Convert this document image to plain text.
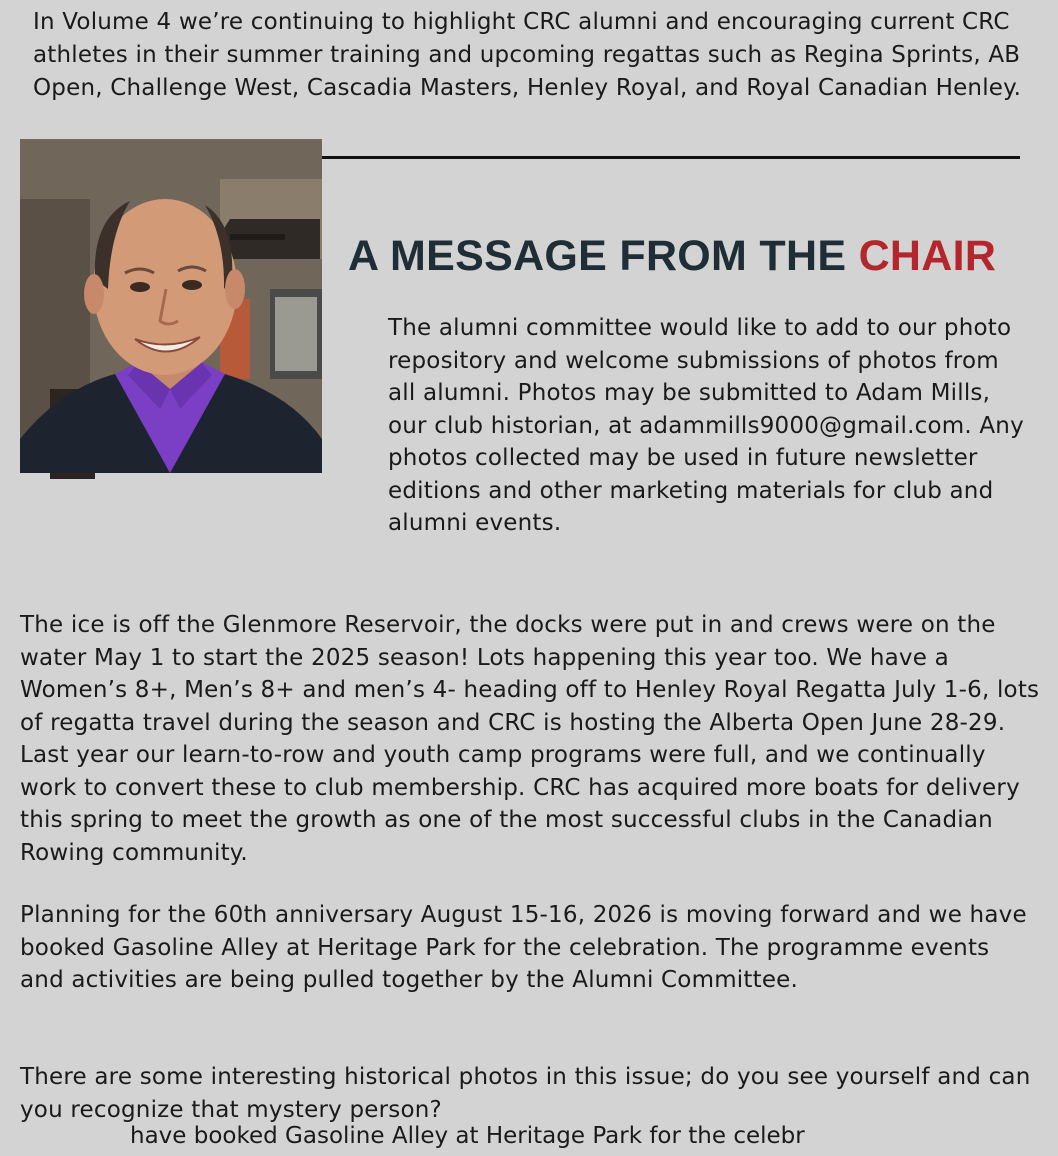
In Volume 4 we’re continuing to highlight CRC alumni and encouraging current CRC athletes in their summer training and upcoming regattas such as Regina Sprints, AB Open, Challenge West, Cascadia Masters, Henley Royal, and Royal Canadian Henley.

A MESSAGE FROM THE CHAIR

The alumni committee would like to add to our photo repository and welcome submissions of photos from all alumni. Photos may be submitted to Adam Mills, our club historian, at adammills9000@gmail.com. Any photos collected may be used in future newsletter editions and other marketing materials for club and alumni events.

The ice is off the Glenmore Reservoir, the docks were put in and crews were on the water May 1 to start the 2025 season! Lots happening this year too. We have a Women’s 8+, Men’s 8+ and men’s 4- heading off to Henley Royal Regatta July 1-6, lots of regatta travel during the season and CRC is hosting the Alberta Open June 28-29. Last year our learn-to-row and youth camp programs were full, and we continually work to convert these to club membership. CRC has acquired more boats for delivery this spring to meet the growth as one of the most successful clubs in the Canadian Rowing community.

Planning for the 60th anniversary August 15-16, 2026 is moving forward and we have booked Gasoline Alley at Heritage Park for the celebration. The programme events and activities are being pulled together by the Alumni Committee.

There are some interesting historical photos in this issue; do you see yourself and can you recognize that mystery person?

have booked Gasoline Alley at Heritage Park for the celebr
